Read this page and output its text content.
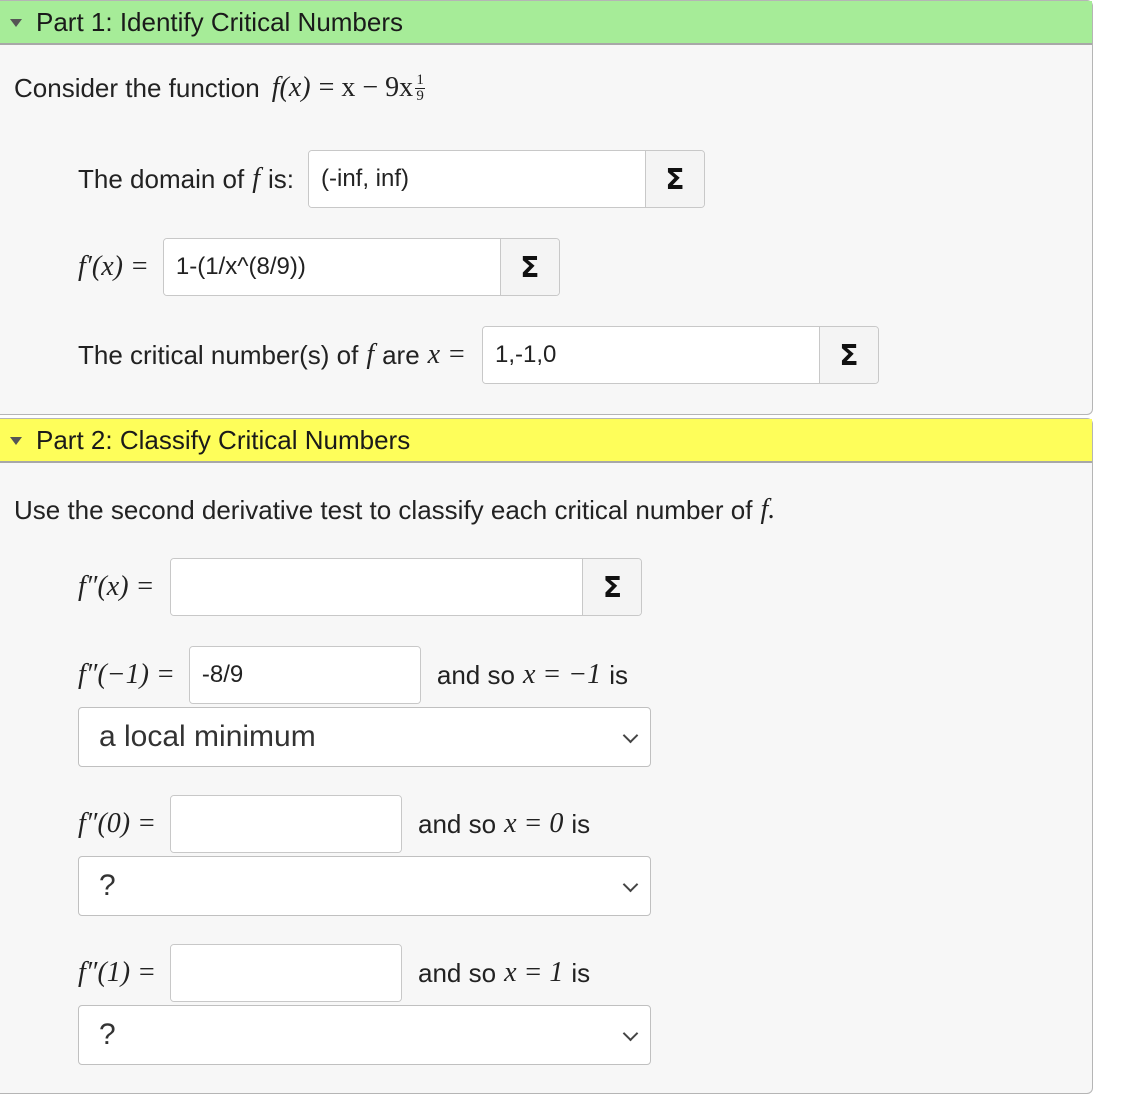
Part 1: Identify Critical Numbers
Consider the function $f(x) = x - 9x \frac{1}{9}$
The domain of f is:
(-inf, inf)	Σ
f′(x) =
1-(1/x^(8/9))	Σ
The critical number(s) of f are x =
1,-1,0	Σ
Part 2: Classify Critical Numbers
Use the second derivative test to classify each critical number of f.
f″(x) =	Σ
f″(−1) =
-8/9	and so x = −1 is
a local minimum
f″(0) =	and so x = 0 is
?
f″(1) =	and so x = 1 is
?
